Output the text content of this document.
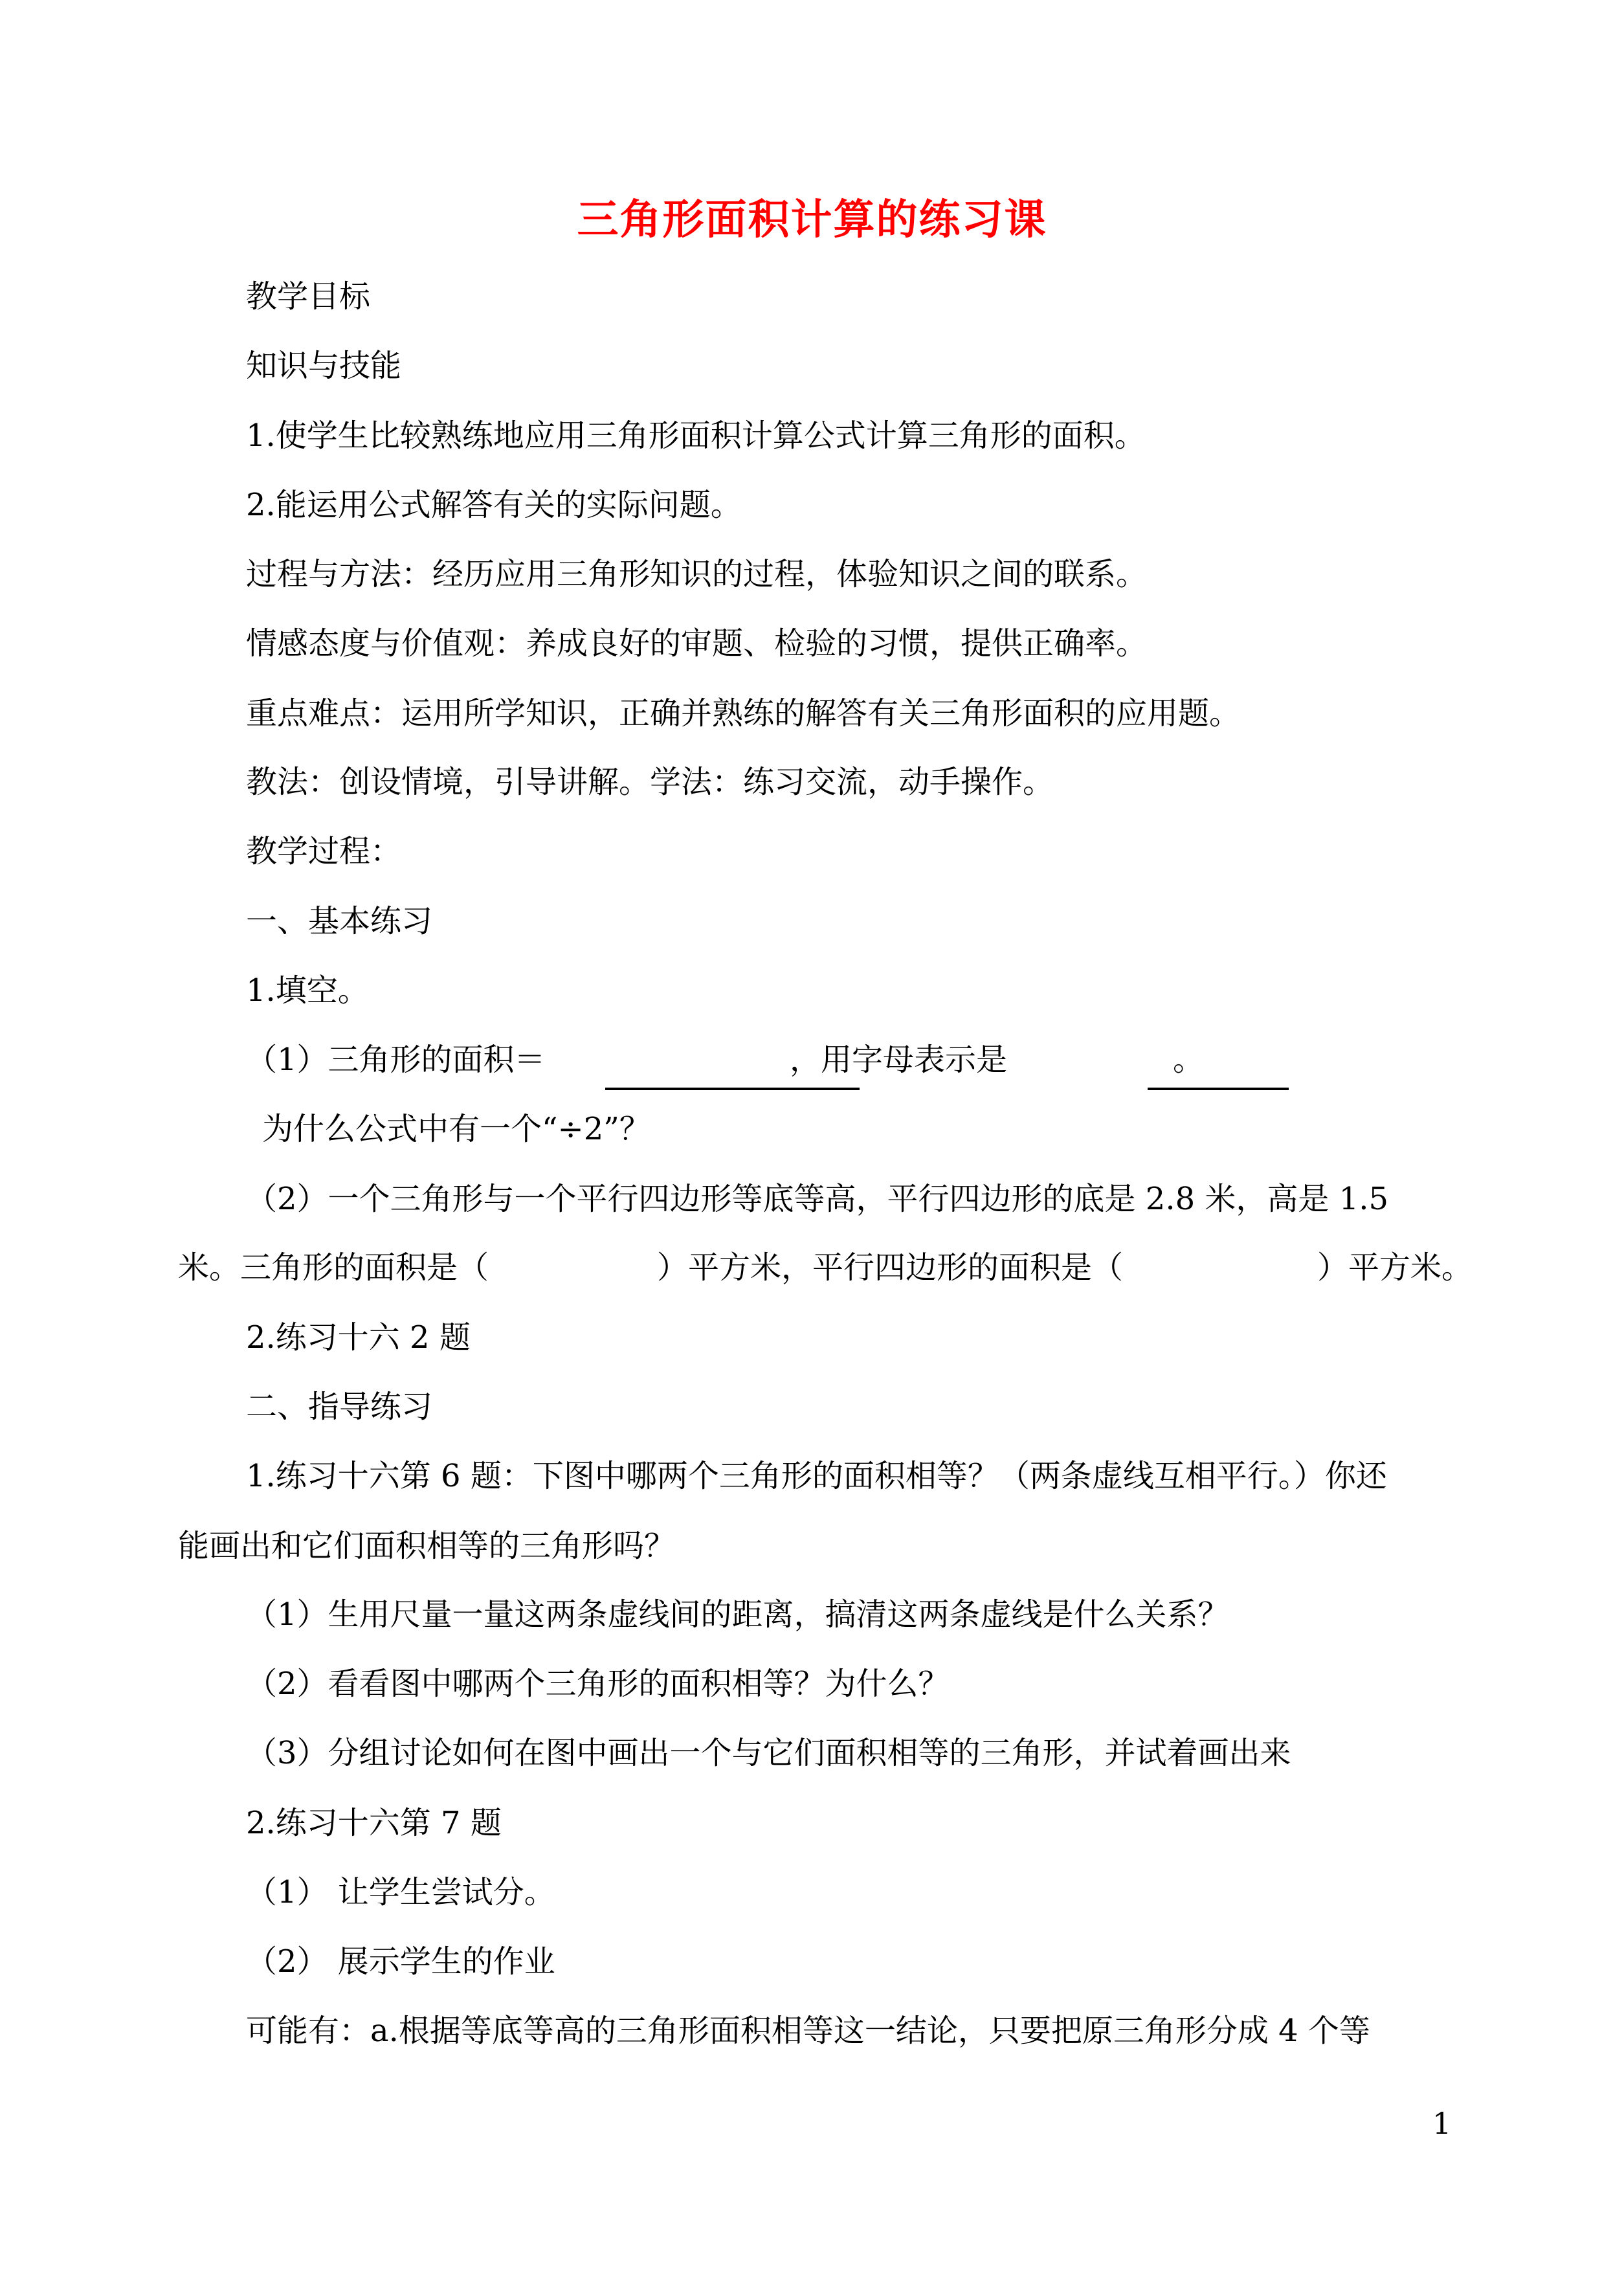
三角形面积计算的练习课
教学目标
知识与技能
1.使学生比较熟练地应用三角形面积计算公式计算三角形的面积。
2.能运用公式解答有关的实际问题。
过程与方法：经历应用三角形知识的过程，体验知识之间的联系。
情感态度与价值观：养成良好的审题、检验的习惯，提供正确率。
重点难点：运用所学知识，正确并熟练的解答有关三角形面积的应用题。
教法：创设情境，引导讲解。学法：练习交流，动手操作。
教学过程：
一、基本练习
1.填空。
（1）三角形的面积＝	，用字母表示是	。
为什么公式中有一个“÷2”？
（2）一个三角形与一个平行四边形等底等高，平行四边形的底是 2.8 米，高是 1.5
米。三角形的面积是（	）平方米，平行四边形的面积是（	）平方米。
2.练习十六 2 题
二、指导练习
1.练习十六第 6 题：下图中哪两个三角形的面积相等？（两条虚线互相平行。）你还
能画出和它们面积相等的三角形吗？
（1）生用尺量一量这两条虚线间的距离，搞清这两条虚线是什么关系？
（2）看看图中哪两个三角形的面积相等？为什么？
（3）分组讨论如何在图中画出一个与它们面积相等的三角形，并试着画出来
2.练习十六第 7 题
（1） 让学生尝试分。
（2） 展示学生的作业
可能有：a.根据等底等高的三角形面积相等这一结论，只要把原三角形分成 4 个等
1
